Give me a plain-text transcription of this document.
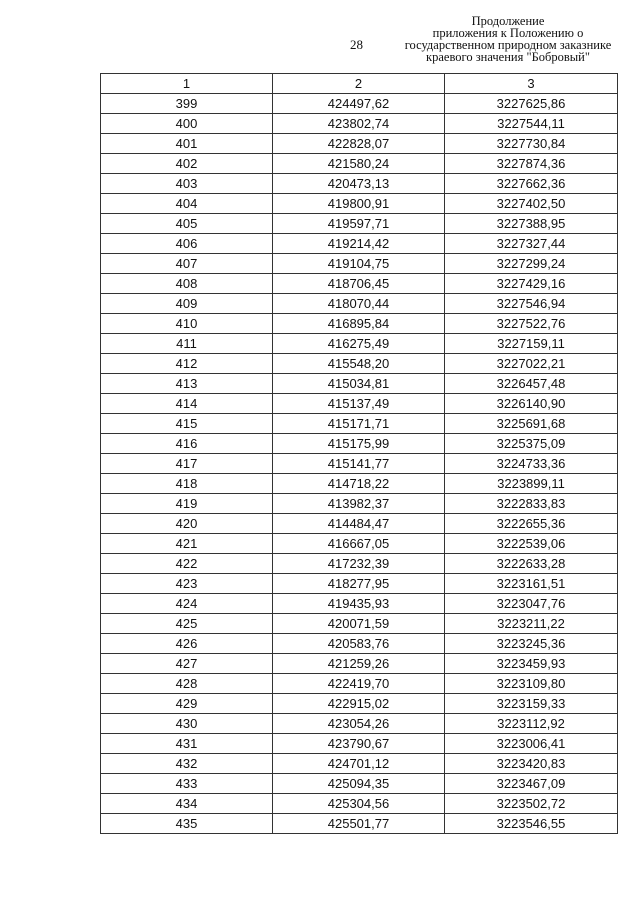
28
Продолжение
приложения к Положению о
государственном природном заказнике
краевого значения "Бобровый"
1	2	3
399	424497,62	3227625,86
400	423802,74	3227544,11
401	422828,07	3227730,84
402	421580,24	3227874,36
403	420473,13	3227662,36
404	419800,91	3227402,50
405	419597,71	3227388,95
406	419214,42	3227327,44
407	419104,75	3227299,24
408	418706,45	3227429,16
409	418070,44	3227546,94
410	416895,84	3227522,76
411	416275,49	3227159,11
412	415548,20	3227022,21
413	415034,81	3226457,48
414	415137,49	3226140,90
415	415171,71	3225691,68
416	415175,99	3225375,09
417	415141,77	3224733,36
418	414718,22	3223899,11
419	413982,37	3222833,83
420	414484,47	3222655,36
421	416667,05	3222539,06
422	417232,39	3222633,28
423	418277,95	3223161,51
424	419435,93	3223047,76
425	420071,59	3223211,22
426	420583,76	3223245,36
427	421259,26	3223459,93
428	422419,70	3223109,80
429	422915,02	3223159,33
430	423054,26	3223112,92
431	423790,67	3223006,41
432	424701,12	3223420,83
433	425094,35	3223467,09
434	425304,56	3223502,72
435	425501,77	3223546,55
